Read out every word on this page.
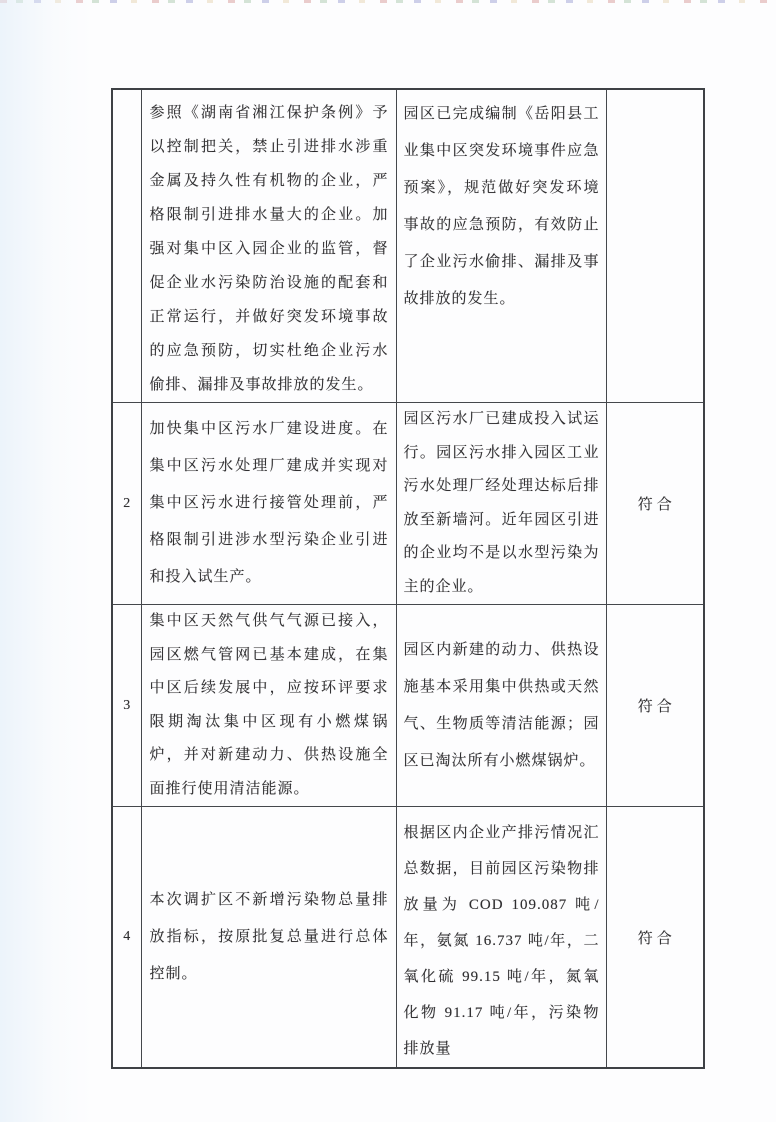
	参照《湖南省湘江保护条例》予以控制把关，禁止引进排水涉重金属及持久性有机物的企业，严格限制引进排水量大的企业。加强对集中区入园企业的监管，督促企业水污染防治设施的配套和正常运行，并做好突发环境事故的应急预防，切实杜绝企业污水偷排、漏排及事故排放的发生。	园区已完成编制《岳阳县工业集中区突发环境事件应急预案》，规范做好突发环境事故的应急预防，有效防止了企业污水偷排、漏排及事故排放的发生。	
2	加快集中区污水厂建设进度。在集中区污水处理厂建成并实现对集中区污水进行接管处理前，严格限制引进涉水型污染企业引进和投入试生产。	园区污水厂已建成投入试运行。园区污水排入园区工业污水处理厂经处理达标后排放至新墙河。近年园区引进的企业均不是以水型污染为主的企业。	符合
3	集中区天然气供气气源已接入，园区燃气管网已基本建成，在集中区后续发展中，应按环评要求限期淘汰集中区现有小燃煤锅炉，并对新建动力、供热设施全面推行使用清洁能源。	园区内新建的动力、供热设施基本采用集中供热或天然气、生物质等清洁能源；园区已淘汰所有小燃煤锅炉。	符合
4	本次调扩区不新增污染物总量排放指标，按原批复总量进行总体控制。	根据区内企业产排污情况汇总数据，目前园区污染物排放量为 COD 109.087 吨/年，氨氮 16.737 吨/年，二氧化硫 99.15 吨/年，氮氧化物 91.17 吨/年，污染物排放量	符合
